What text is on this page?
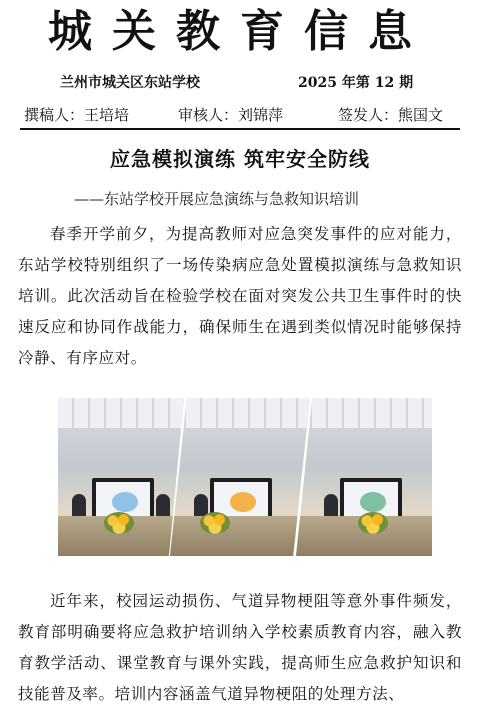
城关教育信息
兰州市城关区东站学校	2025 年第 12 期
撰稿人：王培培	审核人：刘锦萍	签发人：熊国文
应急模拟演练 筑牢安全防线
——东站学校开展应急演练与急救知识培训
春季开学前夕，为提高教师对应急突发事件的应对能力，东站学校特别组织了一场传染病应急处置模拟演练与急救知识培训。此次活动旨在检验学校在面对突发公共卫生事件时的快速反应和协同作战能力，确保师生在遇到类似情况时能够保持冷静、有序应对。
近年来，校园运动损伤、气道异物梗阻等意外事件频发，教育部明确要将应急救护培训纳入学校素质教育内容，融入教育教学活动、课堂教育与课外实践，提高师生应急救护知识和技能普及率。培训内容涵盖气道异物梗阻的处理方法、
